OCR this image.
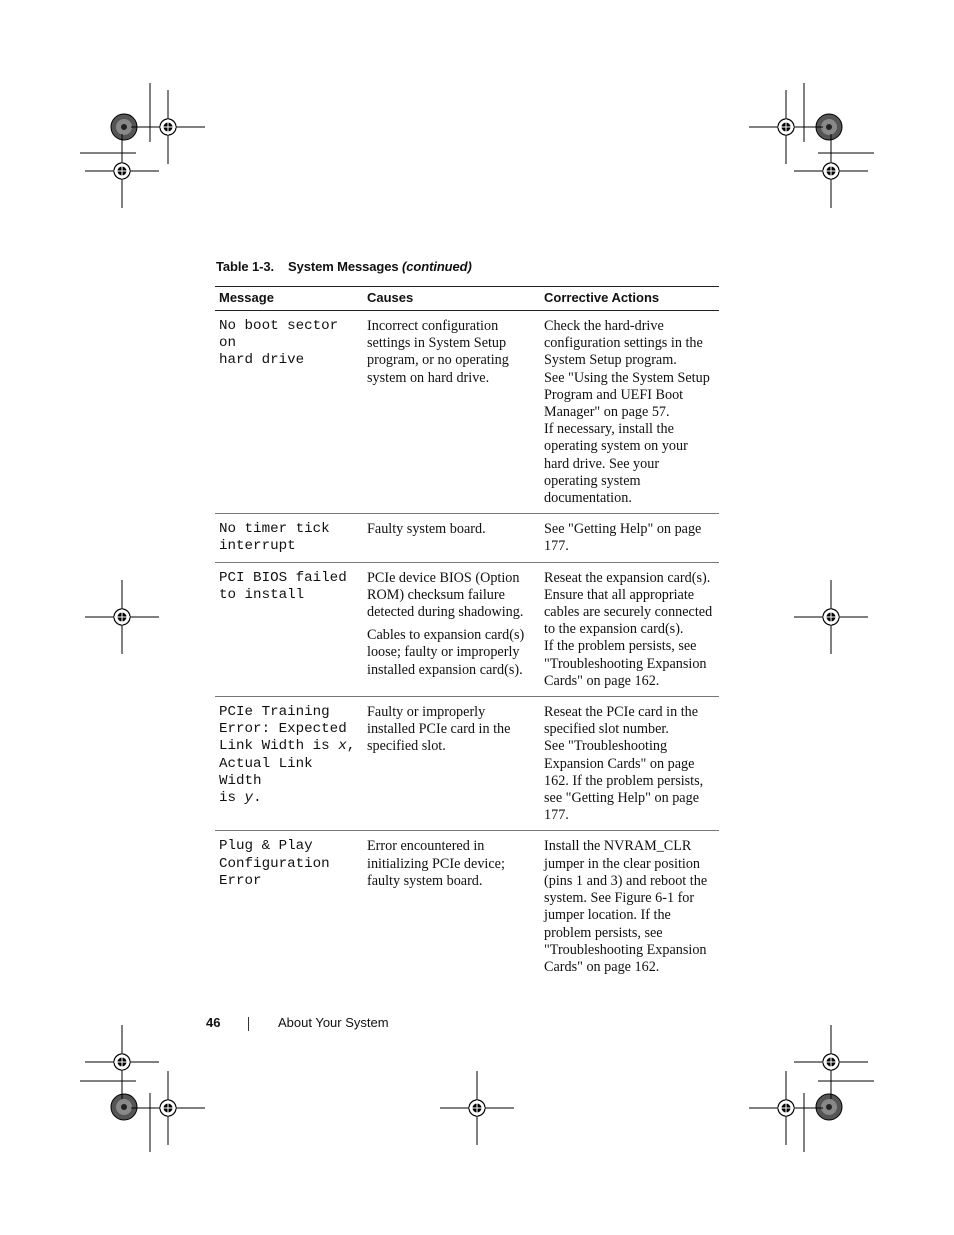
Table 1-3. System Messages (continued)
Message	Causes	Corrective Actions

No boot sector on
hard drive	Incorrect configuration settings in System Setup program, or no operating system on hard drive.	Check the hard-drive configuration settings in the System Setup program.
See "Using the System Setup Program and UEFI Boot Manager" on page 57.
If necessary, install the operating system on your hard drive. See your operating system documentation.

No timer tick
interrupt	Faulty system board.	See "Getting Help" on page 177.

PCI BIOS failed
to install	PCIe device BIOS (Option ROM) checksum failure detected during shadowing.
Cables to expansion card(s) loose; faulty or improperly installed expansion card(s).	Reseat the expansion card(s).
Ensure that all appropriate cables are securely connected to the expansion card(s).
If the problem persists, see "Troubleshooting Expansion Cards" on page 162.

PCIe Training
Error: Expected
Link Width is x,
Actual Link Width
is y.	Faulty or improperly installed PCIe card in the specified slot.	Reseat the PCIe card in the specified slot number.
See "Troubleshooting Expansion Cards" on page 162. If the problem persists, see "Getting Help" on page 177.

Plug & Play
Configuration
Error	Error encountered in initializing PCIe device; faulty system board.	Install the NVRAM_CLR jumper in the clear position (pins 1 and 3) and reboot the system. See Figure 6-1 for jumper location. If the problem persists, see "Troubleshooting Expansion Cards" on page 162.
46	About Your System
